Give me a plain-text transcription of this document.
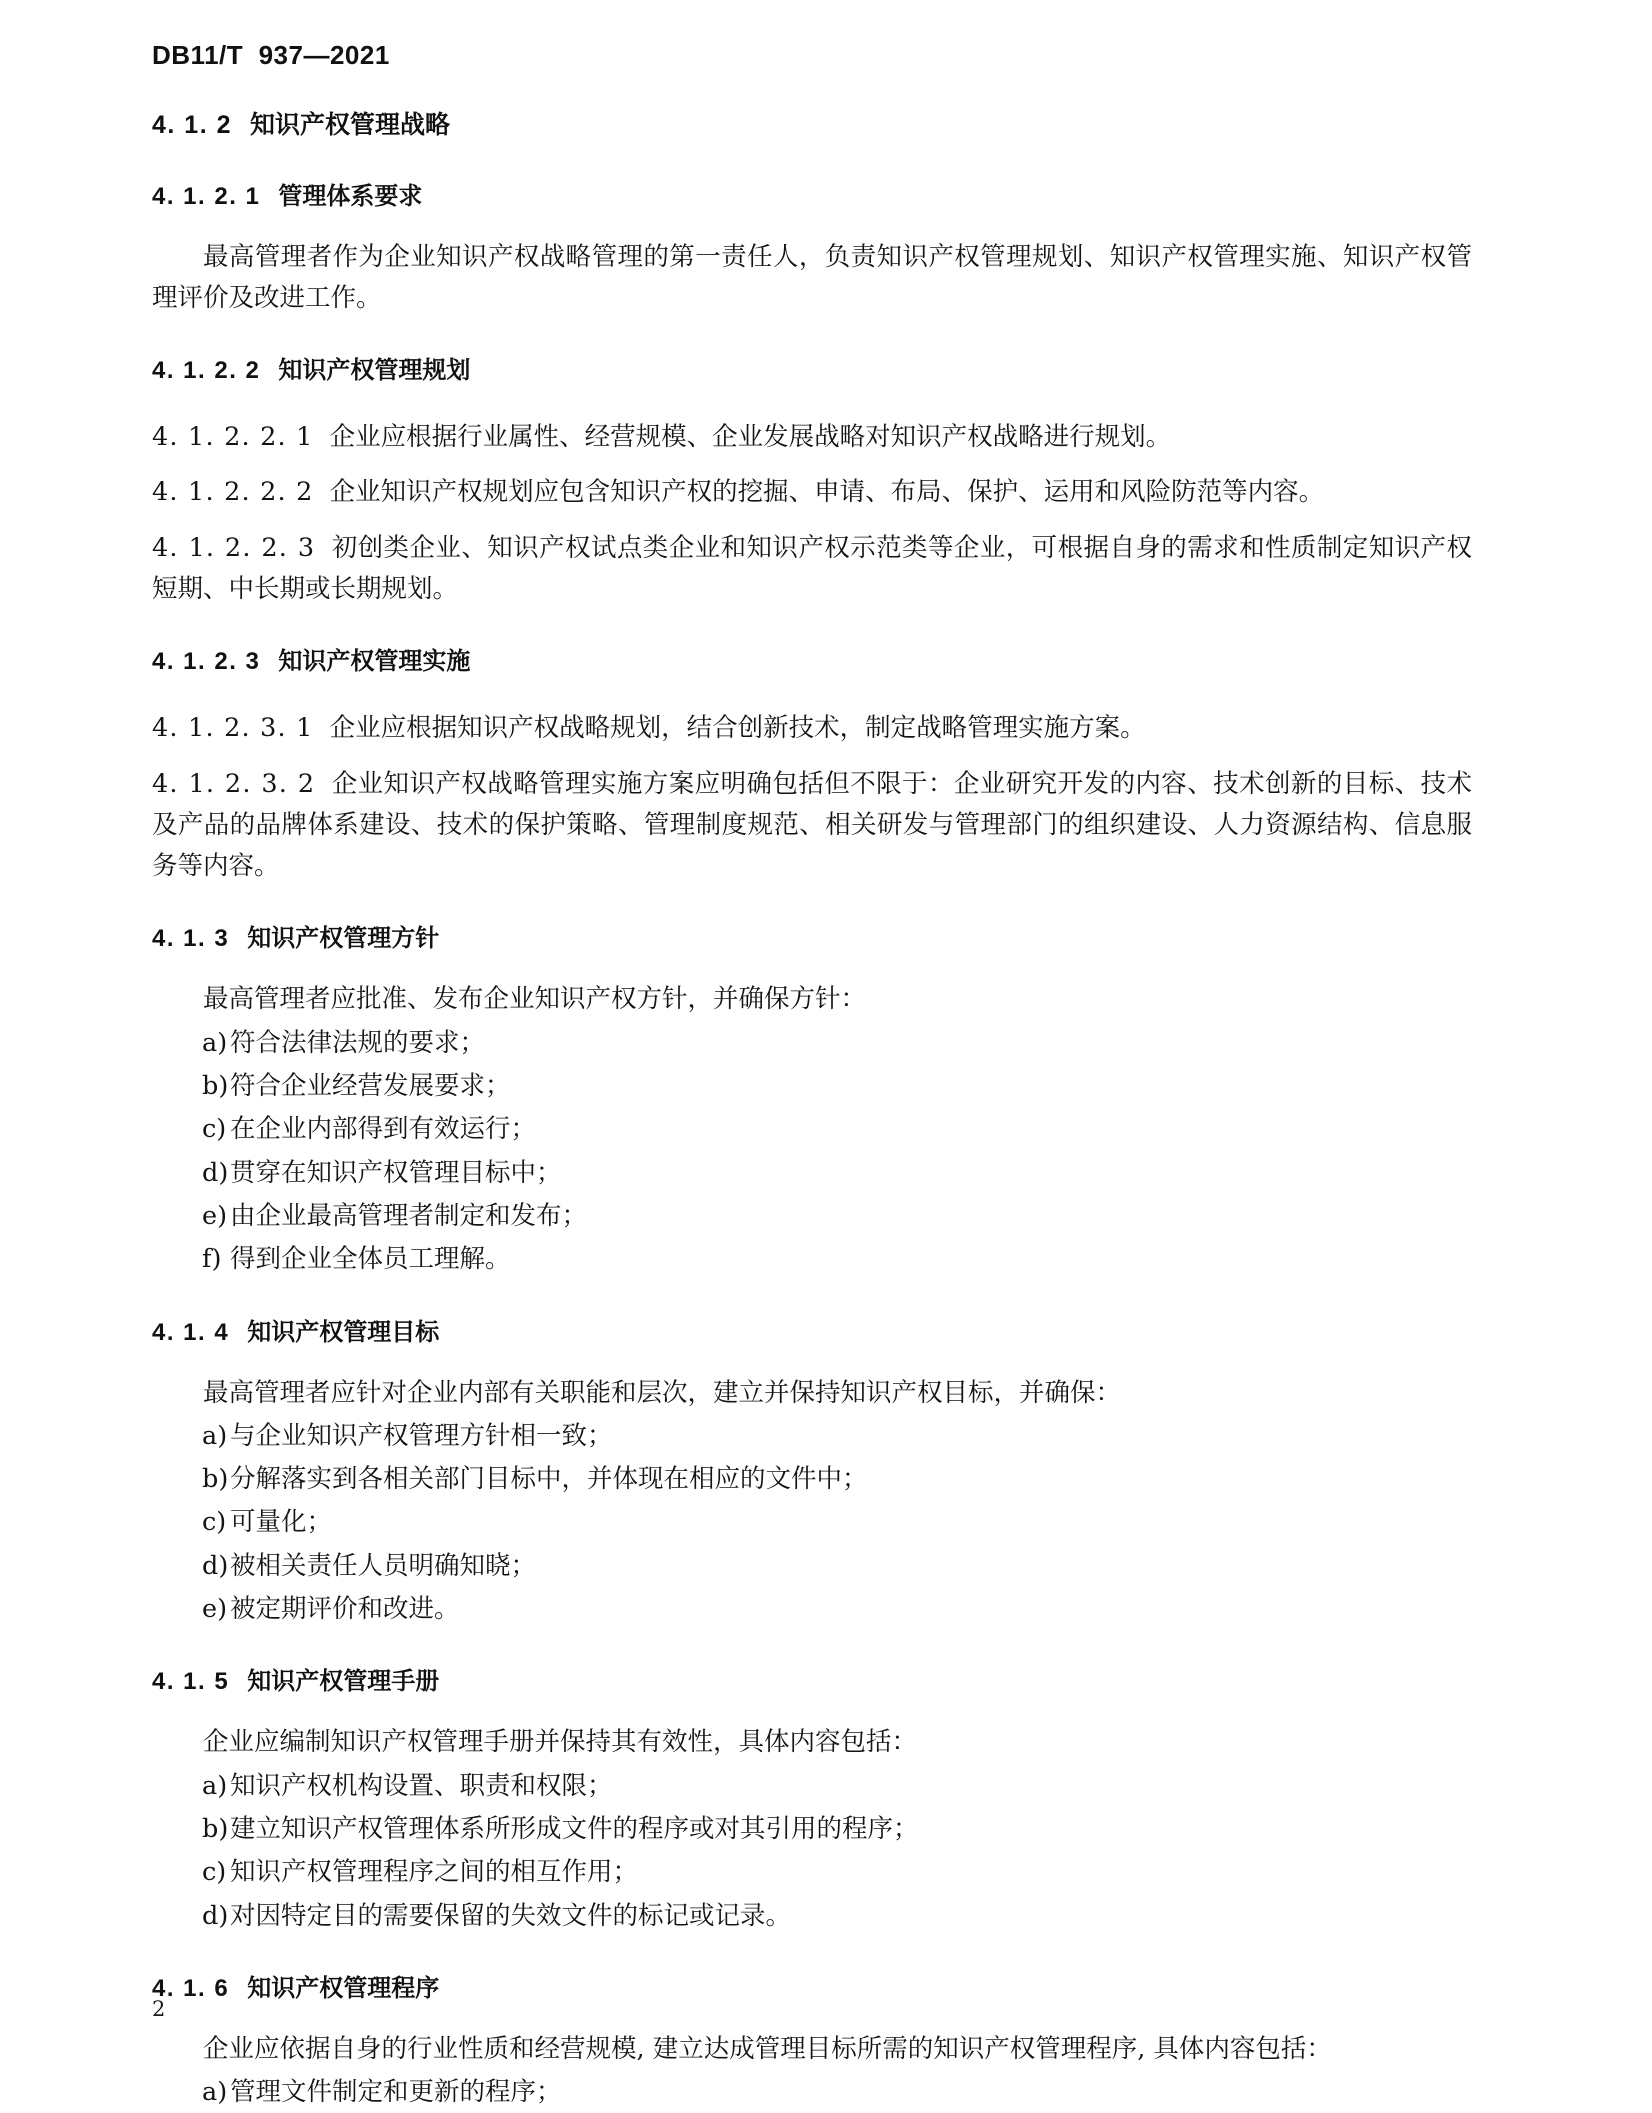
DB11/T  937—2021
4. 1. 2 知识产权管理战略
4. 1. 2. 1 管理体系要求

最高管理者作为企业知识产权战略管理的第一责任人，负责知识产权管理规划、知识产权管理实施、知识产权管理评价及改进工作。

4. 1. 2. 2 知识产权管理规划

4. 1. 2. 2. 1 企业应根据行业属性、经营规模、企业发展战略对知识产权战略进行规划。

4. 1. 2. 2. 2 企业知识产权规划应包含知识产权的挖掘、申请、布局、保护、运用和风险防范等内容。

4. 1. 2. 2. 3 初创类企业、知识产权试点类企业和知识产权示范类等企业，可根据自身的需求和性质制定知识产权短期、中长期或长期规划。

4. 1. 2. 3 知识产权管理实施

4. 1. 2. 3. 1 企业应根据知识产权战略规划，结合创新技术，制定战略管理实施方案。

4. 1. 2. 3. 2 企业知识产权战略管理实施方案应明确包括但不限于：企业研究开发的内容、技术创新的目标、技术及产品的品牌体系建设、技术的保护策略、管理制度规范、相关研发与管理部门的组织建设、人力资源结构、信息服务等内容。

4. 1. 3 知识产权管理方针

最高管理者应批准、发布企业知识产权方针，并确保方针：

a) 符合法律法规的要求；
b) 符合企业经营发展要求；
c) 在企业内部得到有效运行；
d) 贯穿在知识产权管理目标中；
e) 由企业最高管理者制定和发布；
f) 得到企业全体员工理解。
4. 1. 4 知识产权管理目标

最高管理者应针对企业内部有关职能和层次，建立并保持知识产权目标，并确保：

a) 与企业知识产权管理方针相一致；
b) 分解落实到各相关部门目标中，并体现在相应的文件中；
c) 可量化；
d) 被相关责任人员明确知晓；
e) 被定期评价和改进。
4. 1. 5 知识产权管理手册

企业应编制知识产权管理手册并保持其有效性，具体内容包括：

a) 知识产权机构设置、职责和权限；
b) 建立知识产权管理体系所形成文件的程序或对其引用的程序；
c) 知识产权管理程序之间的相互作用；
d) 对因特定目的需要保留的失效文件的标记或记录。
4. 1. 6 知识产权管理程序

企业应依据自身的行业性质和经营规模, 建立达成管理目标所需的知识产权管理程序, 具体内容包括：

a) 管理文件制定和更新的程序；
2
